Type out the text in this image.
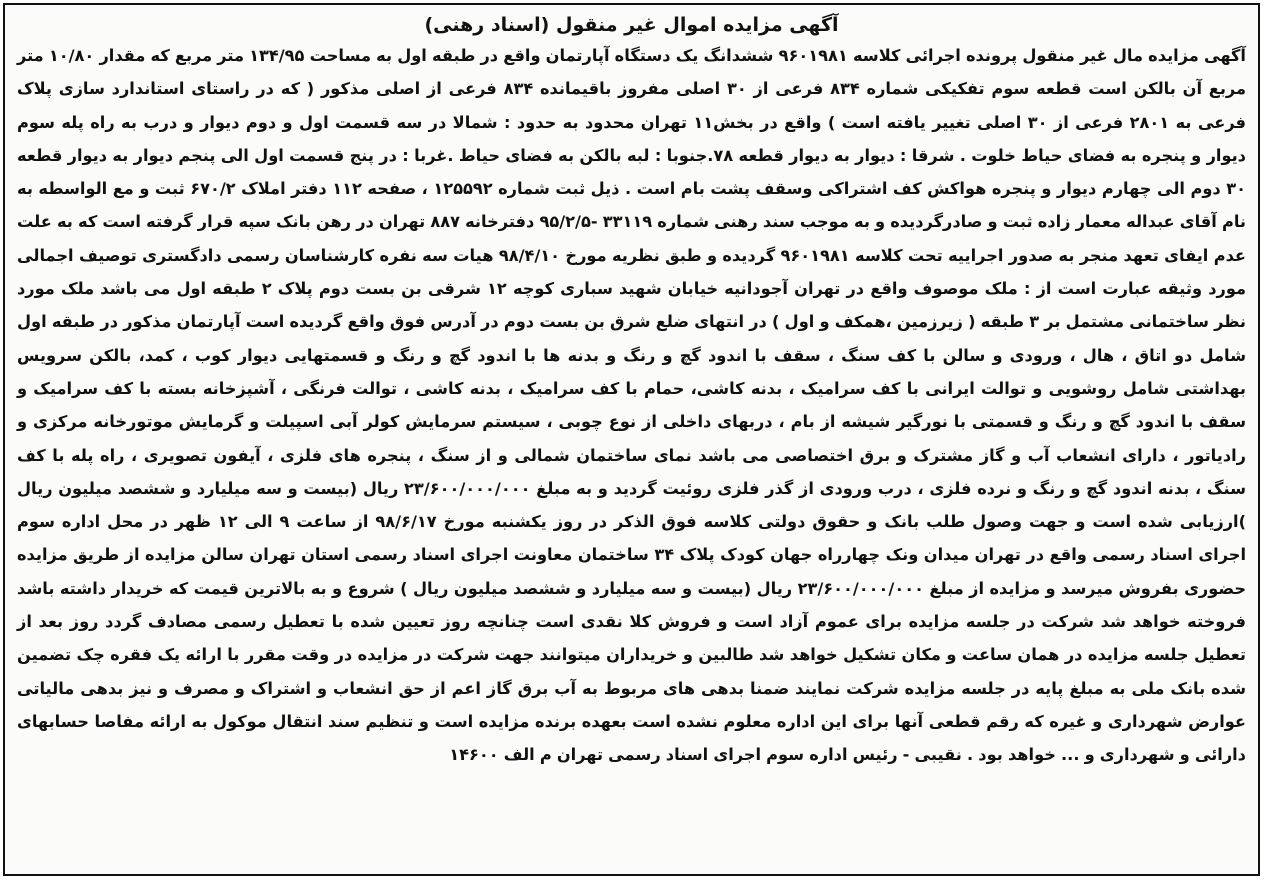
آگهی مزایده اموال غیر منقول (اسناد رهنی)

آگهی مزایده مال غیر منقول پرونده اجرائی کلاسه ۹۶۰۱۹۸۱ ششدانگ یک دستگاه آپارتمان واقع در طبقه اول به مساحت ۱۳۴/۹۵ متر مربع که مقدار ۱۰/۸۰ متر مربع آن بالکن است قطعه سوم تفکیکی شماره ۸۳۴ فرعی از ۳۰ اصلی مفروز باقیمانده ۸۳۴ فرعی از اصلی مذکور ( که در راستای استاندارد سازی پلاک فرعی به ۲۸۰۱ فرعی از ۳۰ اصلی تغییر یافته است ) واقع در بخش۱۱ تهران محدود به حدود : شمالا در سه قسمت اول و دوم دیوار و درب به راه پله سوم دیوار و پنجره به فضای حیاط خلوت . شرقا : دیوار به دیوار قطعه ۷۸.جنوبا : لبه بالکن به فضای حیاط .غربا : در پنج قسمت اول الی پنجم دیوار به دیوار قطعه ۳۰ دوم الی چهارم دیوار و پنجره هواکش کف اشتراکی وسقف پشت بام است . ذیل ثبت شماره ۱۲۵۵۹۲ ، صفحه ۱۱۲ دفتر املاک ۶۷۰/۲ ثبت و مع الواسطه به نام آقای عبداله معمار زاده ثبت و صادرگردیده و به موجب سند رهنی شماره ۳۳۱۱۹ -۹۵/۲/۵ دفترخانه ۸۸۷ تهران در رهن بانک سپه قرار گرفته است که به علت عدم ایفای تعهد منجر به صدور اجراییه تحت کلاسه ۹۶۰۱۹۸۱ گردیده و طبق نظریه مورخ ۹۸/۴/۱۰ هیات سه نفره کارشناسان رسمی دادگستری توصیف اجمالی مورد وثیقه عبارت است از : ملک موصوف واقع در تهران آجودانیه خیابان شهید سباری کوچه ۱۲ شرقی بن بست دوم پلاک ۲ طبقه اول می باشد ملک مورد نظر ساختمانی مشتمل بر ۳ طبقه ( زیرزمین ،همکف و اول ) در انتهای ضلع شرق بن بست دوم در آدرس فوق واقع گردیده است آپارتمان مذکور در طبقه اول شامل دو اتاق ، هال ، ورودی و سالن با کف سنگ ، سقف با اندود گچ و رنگ و بدنه ها با اندود گچ و رنگ و قسمتهایی دیوار کوب ، کمد، بالکن سرویس بهداشتی شامل روشویی و توالت ایرانی با کف سرامیک ، بدنه کاشی، حمام با کف سرامیک ، بدنه کاشی ، توالت فرنگی ، آشپزخانه بسته با کف سرامیک و سقف با اندود گچ و رنگ و قسمتی با نورگیر شیشه از بام ، دربهای داخلی از نوع چوبی ، سیستم سرمایش کولر آبی اسپیلت و گرمایش موتورخانه مرکزی و رادیاتور ، دارای انشعاب آب و گاز مشترک و برق اختصاصی می باشد نمای ساختمان شمالی و از سنگ ، پنجره های فلزی ، آیفون تصویری ، راه پله با کف سنگ ، بدنه اندود گچ و رنگ و نرده فلزی ، درب ورودی از گذر فلزی روئیت گردید و به مبلغ ۲۳/۶۰۰/۰۰۰/۰۰۰ ریال (بیست و سه میلیارد و ششصد میلیون ریال )ارزیابی شده است و جهت وصول طلب بانک و حقوق دولتی کلاسه فوق الذکر در روز یکشنبه مورخ ۹۸/۶/۱۷ از ساعت ۹ الی ۱۲ ظهر در محل اداره سوم اجرای اسناد رسمی واقع در تهران میدان ونک چهارراه جهان کودک پلاک ۳۴ ساختمان معاونت اجرای اسناد رسمی استان تهران سالن مزایده از طریق مزایده حضوری بفروش میرسد و مزایده از مبلغ ۲۳/۶۰۰/۰۰۰/۰۰۰ ریال (بیست و سه میلیارد و ششصد میلیون ریال ) شروع و به بالاترین قیمت که خریدار داشته باشد فروخته خواهد شد شرکت در جلسه مزایده برای عموم آزاد است و فروش کلا نقدی است چنانچه روز تعیین شده با تعطیل رسمی مصادف گردد روز بعد از تعطیل جلسه مزایده در همان ساعت و مکان تشکیل خواهد شد طالبین و خریداران میتوانند جهت شرکت در مزایده در وقت مقرر با ارائه یک فقره چک تضمین شده بانک ملی به مبلغ پایه در جلسه مزایده شرکت نمایند ضمنا بدهی های مربوط به آب برق گاز اعم از حق انشعاب و اشتراک و مصرف و نیز بدهی مالیاتی عوارض شهرداری و غیره که رقم قطعی آنها برای این اداره معلوم نشده است بعهده برنده مزایده است و تنظیم سند انتقال موکول به ارائه مفاصا حسابهای دارائی و شهرداری و ... خواهد بود . نقیبی - رئیس اداره سوم اجرای اسناد رسمی تهران م الف ۱۴۶۰۰
